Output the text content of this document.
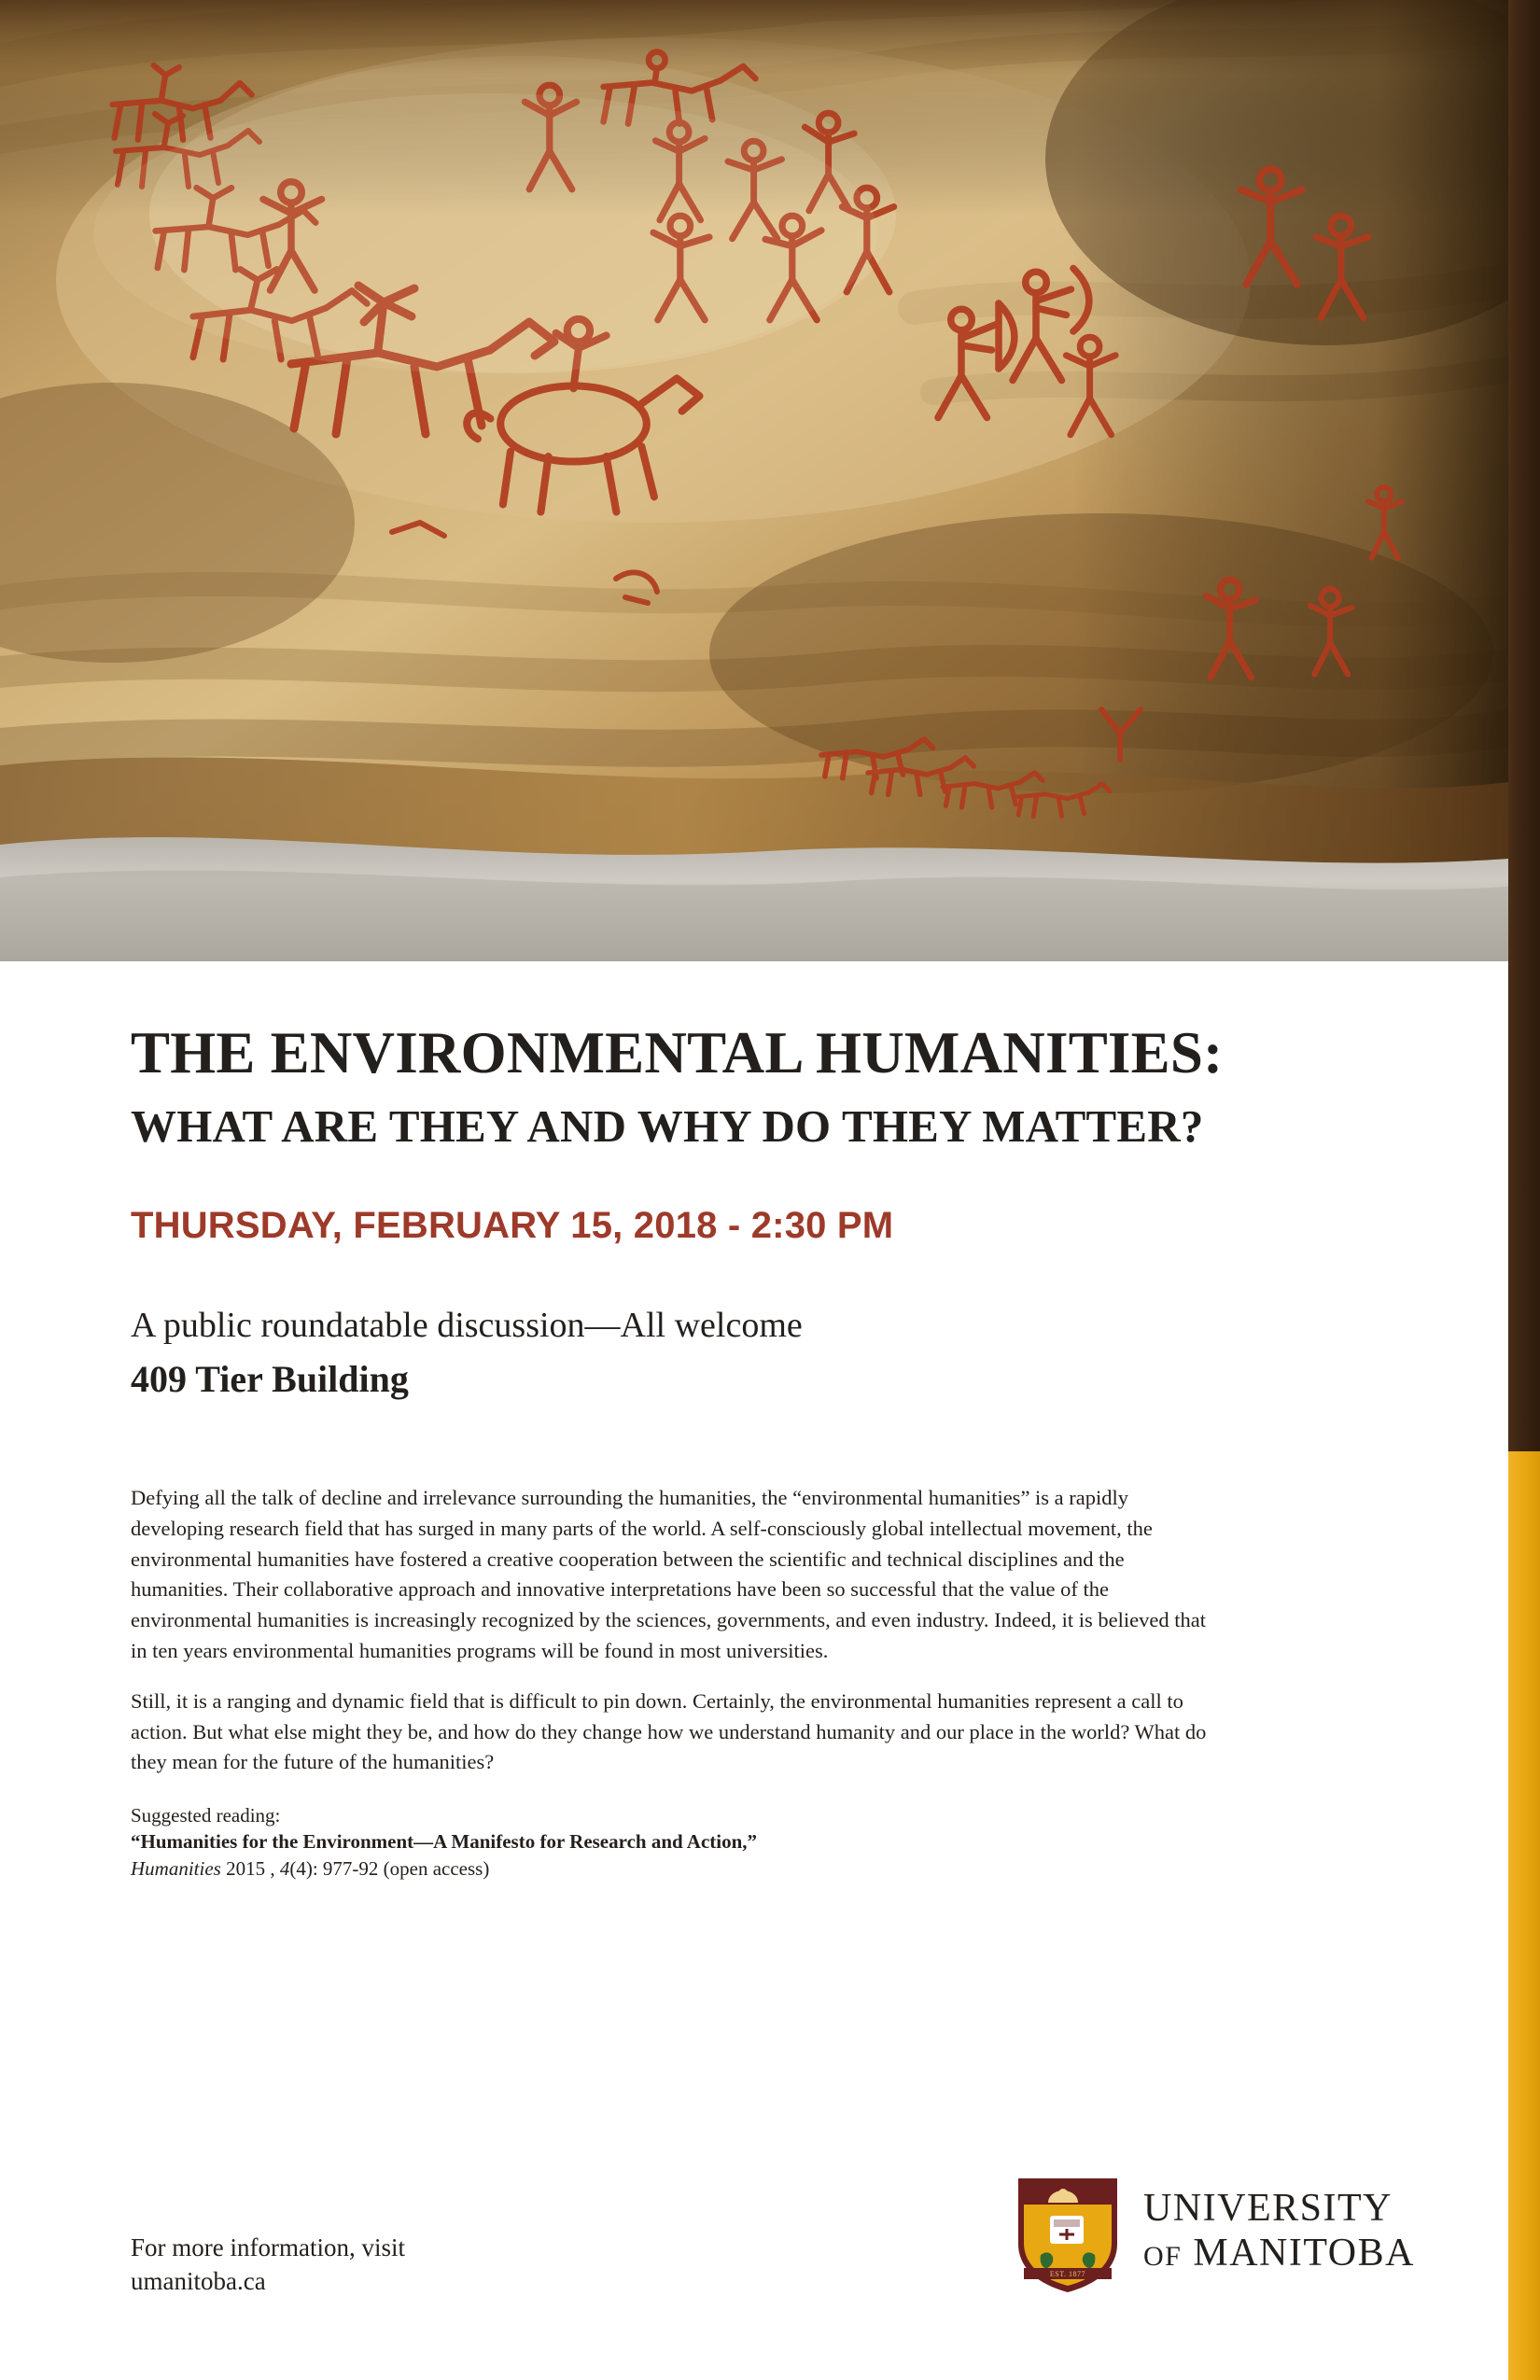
THE ENVIRONMENTAL HUMANITIES: WHAT ARE THEY AND WHY DO THEY MATTER?
THURSDAY, FEBRUARY 15, 2018 - 2:30 PM
A public roundatable discussion—All welcome
409 Tier Building

Defying all the talk of decline and irrelevance surrounding the humanities, the “environmental humanities” is a rapidly developing research field that has surged in many parts of the world. A self-consciously global intellectual movement, the environmental humanities have fostered a creative cooperation between the scientific and technical disciplines and the humanities. Their collaborative approach and innovative interpretations have been so successful that the value of the environmental humanities is increasingly recognized by the sciences, governments, and even industry. Indeed, it is believed that in ten years environmental humanities programs will be found in most universities.

Still, it is a ranging and dynamic field that is difficult to pin down. Certainly, the environmental humanities represent a call to action. But what else might they be, and how do they change how we understand humanity and our place in the world? What do they mean for the future of the humanities?

Suggested reading:
“Humanities for the Environment—A Manifesto for Research and Action,”
Humanities 2015 , 4(4): 977-92 (open access)
For more information, visit
umanitoba.ca	EST. 1877
UNIVERSITY
OF MANITOBA
